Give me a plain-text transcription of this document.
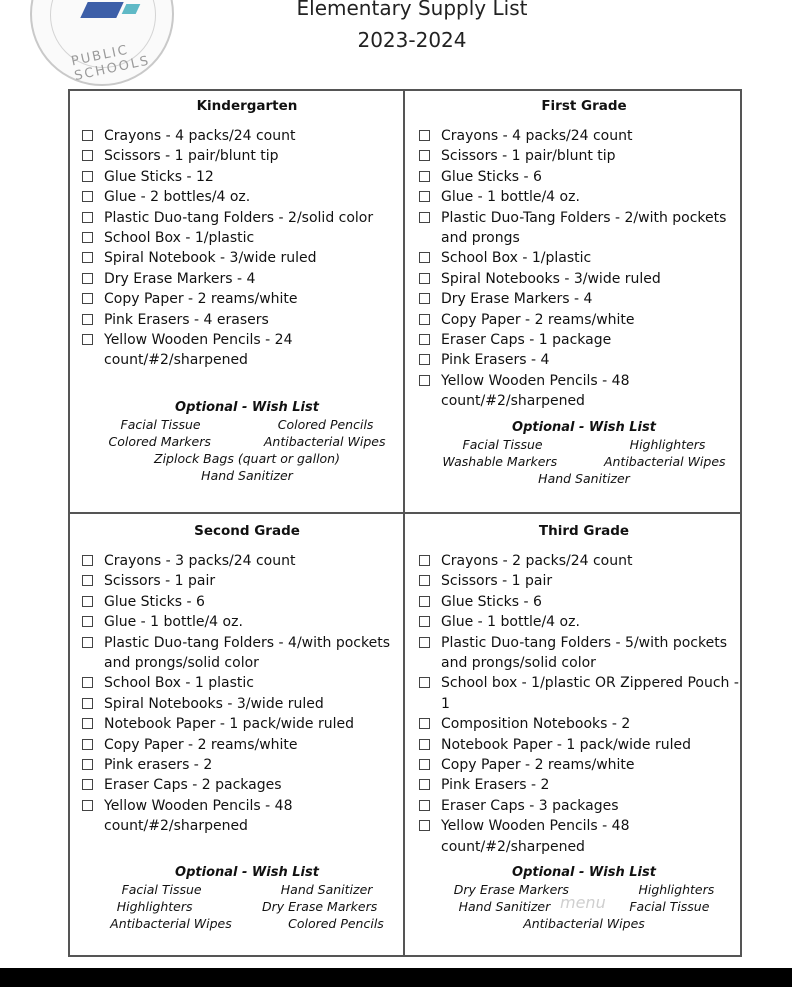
PUBLIC SCHOOLS
Elementary Supply List
2023-2024
Kindergarten
Crayons - 4 packs/24 count
Scissors - 1 pair/blunt tip
Glue Sticks - 12
Glue - 2 bottles/4 oz.
Plastic Duo-tang Folders - 2/solid color
School Box - 1/plastic
Spiral Notebook - 3/wide ruled
Dry Erase Markers - 4
Copy Paper - 2 reams/white
Pink Erasers - 4 erasers
Yellow Wooden Pencils - 24 count/#2/sharpened
Optional - Wish List
Facial Tissue	Colored Pencils
Colored Markers	Antibacterial Wipes
Ziplock Bags (quart or gallon)
Hand Sanitizer
First Grade
Crayons - 4 packs/24 count
Scissors - 1 pair/blunt tip
Glue Sticks - 6
Glue - 1 bottle/4 oz.
Plastic Duo-Tang Folders - 2/with pockets and prongs
School Box - 1/plastic
Spiral Notebooks - 3/wide ruled
Dry Erase Markers - 4
Copy Paper - 2 reams/white
Eraser Caps - 1 package
Pink Erasers - 4
Yellow Wooden Pencils - 48 count/#2/sharpened
Optional - Wish List
Facial Tissue	Highlighters
Washable Markers	Antibacterial Wipes
Hand Sanitizer
Second Grade
Crayons - 3 packs/24 count
Scissors - 1 pair
Glue Sticks - 6
Glue - 1 bottle/4 oz.
Plastic Duo-tang Folders - 4/with pockets and prongs/solid color
School Box - 1 plastic
Spiral Notebooks - 3/wide ruled
Notebook Paper - 1 pack/wide ruled
Copy Paper - 2 reams/white
Pink erasers - 2
Eraser Caps - 2 packages
Yellow Wooden Pencils - 48 count/#2/sharpened
Optional - Wish List
Facial Tissue	Hand Sanitizer
Highlighters	Dry Erase Markers
Antibacterial Wipes	Colored Pencils
Third Grade
Crayons - 2 packs/24 count
Scissors - 1 pair
Glue Sticks - 6
Glue - 1 bottle/4 oz.
Plastic Duo-tang Folders - 5/with pockets and prongs/solid color
School box - 1/plastic OR Zippered Pouch - 1
Composition Notebooks - 2
Notebook Paper - 1 pack/wide ruled
Copy Paper - 2 reams/white
Pink Erasers - 2
Eraser Caps - 3 packages
Yellow Wooden Pencils - 48 count/#2/sharpened
Optional - Wish List
Dry Erase Markers	Highlighters
Hand Sanitizer	Facial Tissue
Antibacterial Wipes
menu
